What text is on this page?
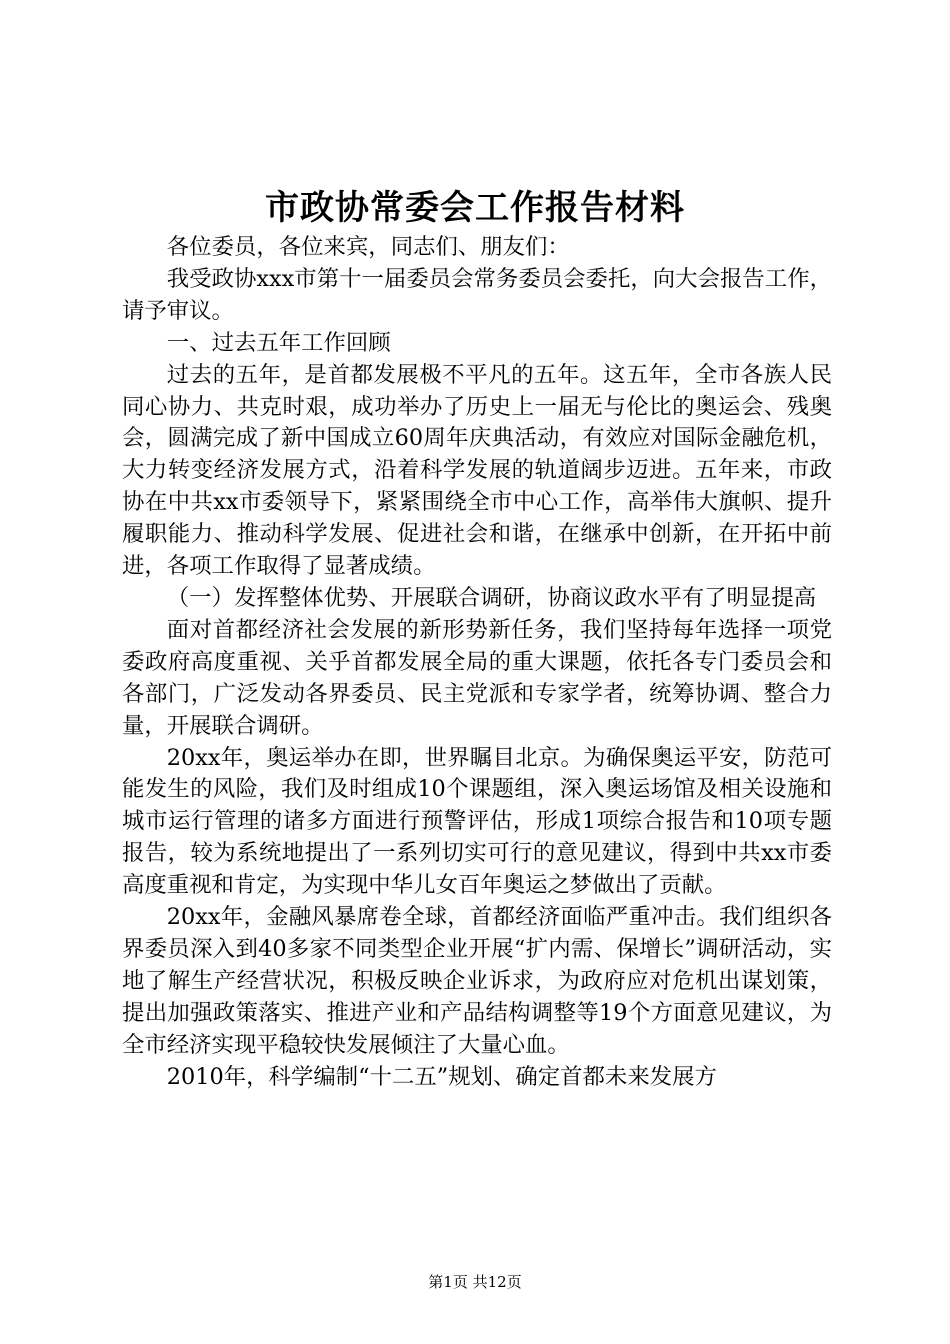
市政协常委会工作报告材料

各位委员，各位来宾，同志们、朋友们：

我受政协xxx市第十一届委员会常务委员会委托，向大会报告工作，请予审议。

一、过去五年工作回顾

过去的五年，是首都发展极不平凡的五年。这五年，全市各族人民同心协力、共克时艰，成功举办了历史上一届无与伦比的奥运会、残奥会，圆满完成了新中国成立60周年庆典活动，有效应对国际金融危机，大力转变经济发展方式，沿着科学发展的轨道阔步迈进。五年来，市政协在中共xx市委领导下，紧紧围绕全市中心工作，高举伟大旗帜、提升履职能力、推动科学发展、促进社会和谐，在继承中创新，在开拓中前进，各项工作取得了显著成绩。

（一）发挥整体优势、开展联合调研，协商议政水平有了明显提高

面对首都经济社会发展的新形势新任务，我们坚持每年选择一项党委政府高度重视、关乎首都发展全局的重大课题，依托各专门委员会和各部门，广泛发动各界委员、民主党派和专家学者，统筹协调、整合力量，开展联合调研。

20xx年，奥运举办在即，世界瞩目北京。为确保奥运平安，防范可能发生的风险，我们及时组成10个课题组，深入奥运场馆及相关设施和城市运行管理的诸多方面进行预警评估，形成1项综合报告和10项专题报告，较为系统地提出了一系列切实可行的意见建议，得到中共xx市委高度重视和肯定，为实现中华儿女百年奥运之梦做出了贡献。

20xx年，金融风暴席卷全球，首都经济面临严重冲击。我们组织各界委员深入到40多家不同类型企业开展“扩内需、保增长”调研活动，实地了解生产经营状况，积极反映企业诉求，为政府应对危机出谋划策，提出加强政策落实、推进产业和产品结构调整等19个方面意见建议，为全市经济实现平稳较快发展倾注了大量心血。

2010年，科学编制“十二五”规划、确定首都未来发展方

第1页 共12页
